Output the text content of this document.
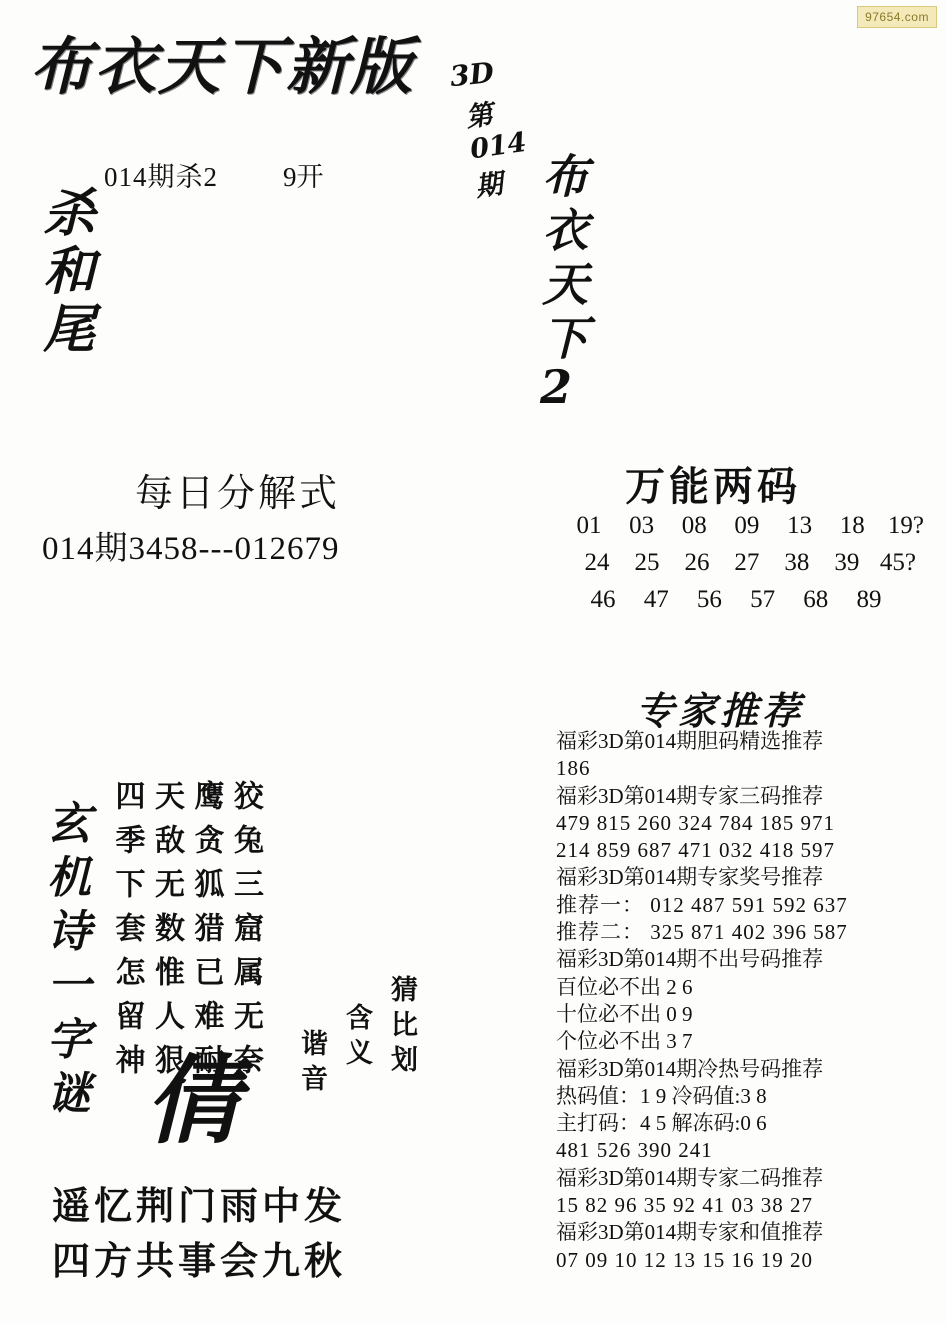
97654.com
布衣天下新版	3D
第014期
014期杀2 9开
杀和尾	布衣天下
2
每日分解式
014期3458---012679
万能两码
01 03 08 09 13 18 19?
24 25 26 27 38 39 45?
46 47 56 57 68 89
玄机诗一字谜	狡兔三窟属无奈
鹰贪狐猎已难耐
天敌无数惟人狠
四季下套怎留神
倩
猜比划
含义
谐音
遥忆荆门雨中发
四方共事会九秋
专家推荐
福彩3D第014期胆码精选推荐
186
福彩3D第014期专家三码推荐
479 815 260 324 784 185 971
214 859 687 471 032 418 597
福彩3D第014期专家奖号推荐
推荐一： 012 487 591 592 637
推荐二： 325 871 402 396 587
福彩3D第014期不出号码推荐
百位必不出 2 6
十位必不出 0 9
个位必不出 3 7
福彩3D第014期冷热号码推荐
热码值：1 9 冷码值:3 8
主打码：4 5 解冻码:0 6
481 526 390 241
福彩3D第014期专家二码推荐
15 82 96 35 92 41 03 38 27
福彩3D第014期专家和值推荐
07 09 10 12 13 15 16 19 20
